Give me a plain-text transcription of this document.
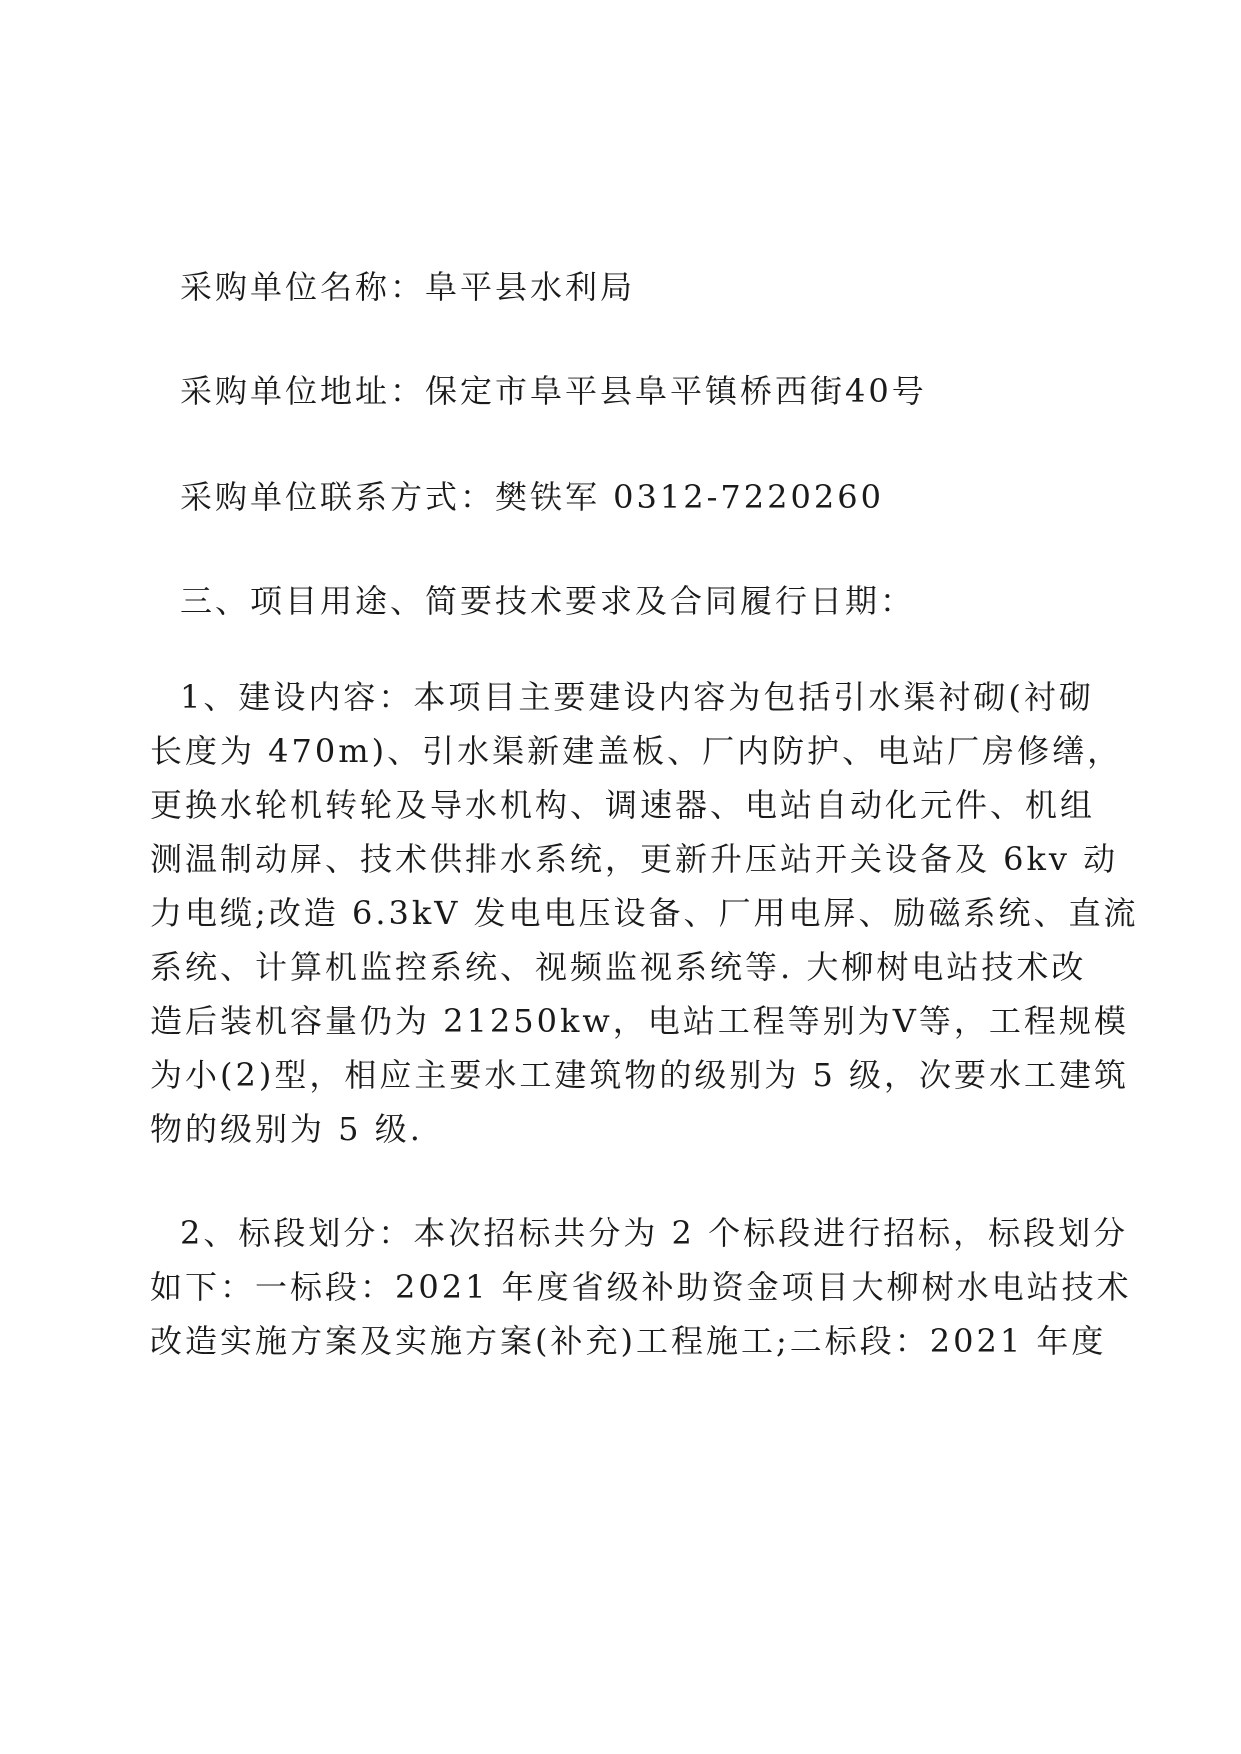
采购单位名称：阜平县水利局

采购单位地址：保定市阜平县阜平镇桥西街40号

采购单位联系方式：樊铁军 0312-7220260

三、项目用途、简要技术要求及合同履行日期：

1、建设内容：本项目主要建设内容为包括引水渠衬砌(衬砌

长度为 470m)、引水渠新建盖板、厂内防护、电站厂房修缮，

更换水轮机转轮及导水机构、调速器、电站自动化元件、机组

测温制动屏、技术供排水系统，更新升压站开关设备及 6kv 动

力电缆;改造 6.3kV 发电电压设备、厂用电屏、励磁系统、直流

系统、计算机监控系统、视频监视系统等. 大柳树电站技术改

造后装机容量仍为 21250kw，电站工程等别为Ⅴ等，工程规模

为小(2)型，相应主要水工建筑物的级别为 5 级，次要水工建筑

物的级别为 5 级.

2、标段划分：本次招标共分为 2 个标段进行招标，标段划分

如下：一标段：2021 年度省级补助资金项目大柳树水电站技术

改造实施方案及实施方案(补充)工程施工;二标段：2021 年度
